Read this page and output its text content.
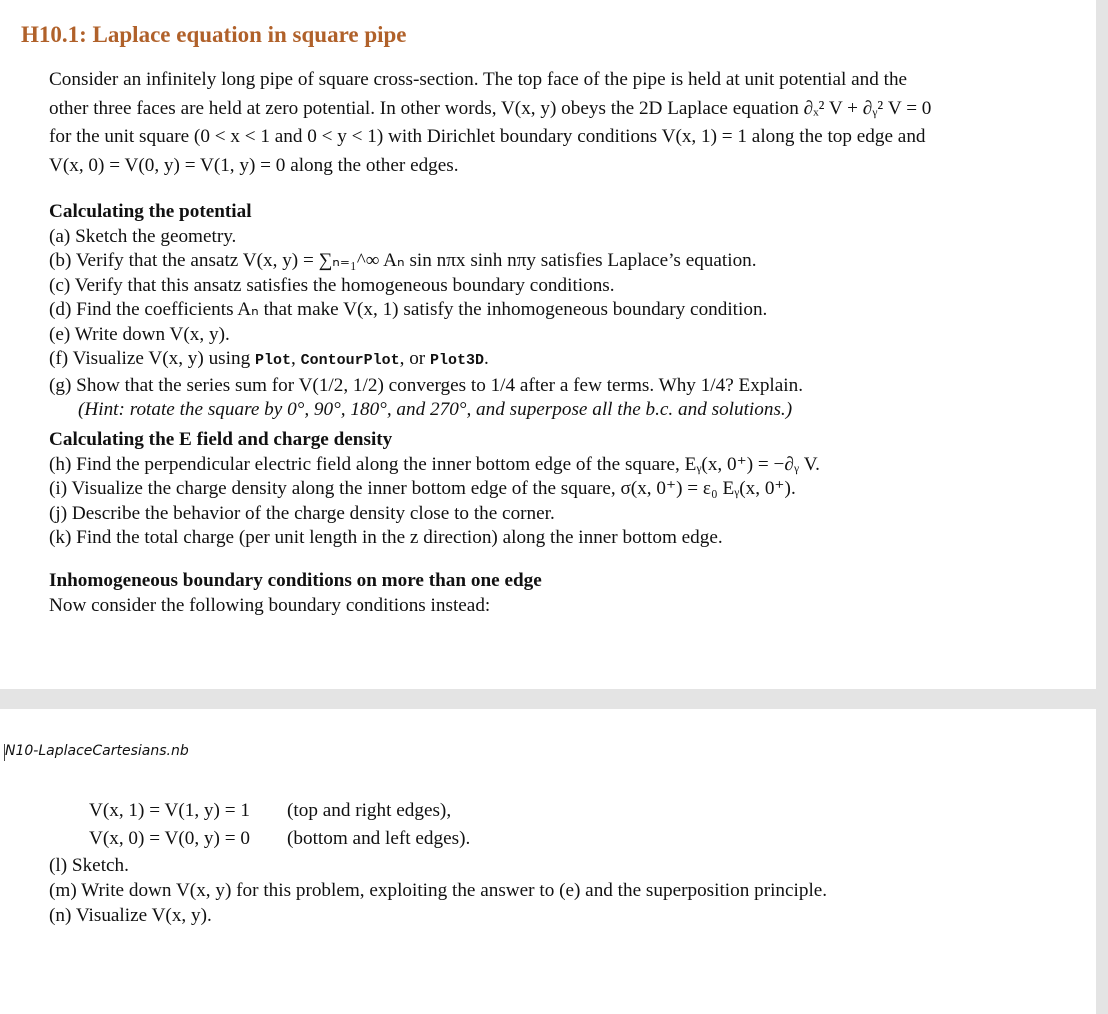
H10.1: Laplace equation in square pipe

Consider an infinitely long pipe of square cross-section. The top face of the pipe is held at unit potential and the
other three faces are held at zero potential. In other words, V(x, y) obeys the 2D Laplace equation ∂ₓ² V + ∂ᵧ² V = 0
for the unit square (0 < x < 1 and 0 < y < 1) with Dirichlet boundary conditions V(x, 1) = 1 along the top edge and
V(x, 0) = V(0, y) = V(1, y) = 0 along the other edges.

Calculating the potential
(a) Sketch the geometry.
(b) Verify that the ansatz V(x, y) = ∑ₙ₌₁^∞ Aₙ sin nπx sinh nπy satisfies Laplace’s equation.
(c) Verify that this ansatz satisfies the homogeneous boundary conditions.
(d) Find the coefficients Aₙ that make V(x, 1) satisfy the inhomogeneous boundary condition.
(e) Write down V(x, y).
(f) Visualize V(x, y) using Plot, ContourPlot, or Plot3D.
(g) Show that the series sum for V(1/2, 1/2) converges to 1/4 after a few terms. Why 1/4? Explain.
(Hint: rotate the square by 0°, 90°, 180°, and 270°, and superpose all the b.c. and solutions.)
Calculating the E field and charge density
(h) Find the perpendicular electric field along the inner bottom edge of the square, Eᵧ(x, 0⁺) = −∂ᵧ V.
(i) Visualize the charge density along the inner bottom edge of the square, σ(x, 0⁺) = ε₀ Eᵧ(x, 0⁺).
(j) Describe the behavior of the charge density close to the corner.
(k) Find the total charge (per unit length in the z direction) along the inner bottom edge.
Inhomogeneous boundary conditions on more than one edge
Now consider the following boundary conditions instead:
N10-LaplaceCartesians.nb
V(x, 1) = V(1, y) = 1
V(x, 0) = V(0, y) = 0
(top and right edges),
(bottom and left edges).
(l) Sketch.
(m) Write down V(x, y) for this problem, exploiting the answer to (e) and the superposition principle.
(n) Visualize V(x, y).
